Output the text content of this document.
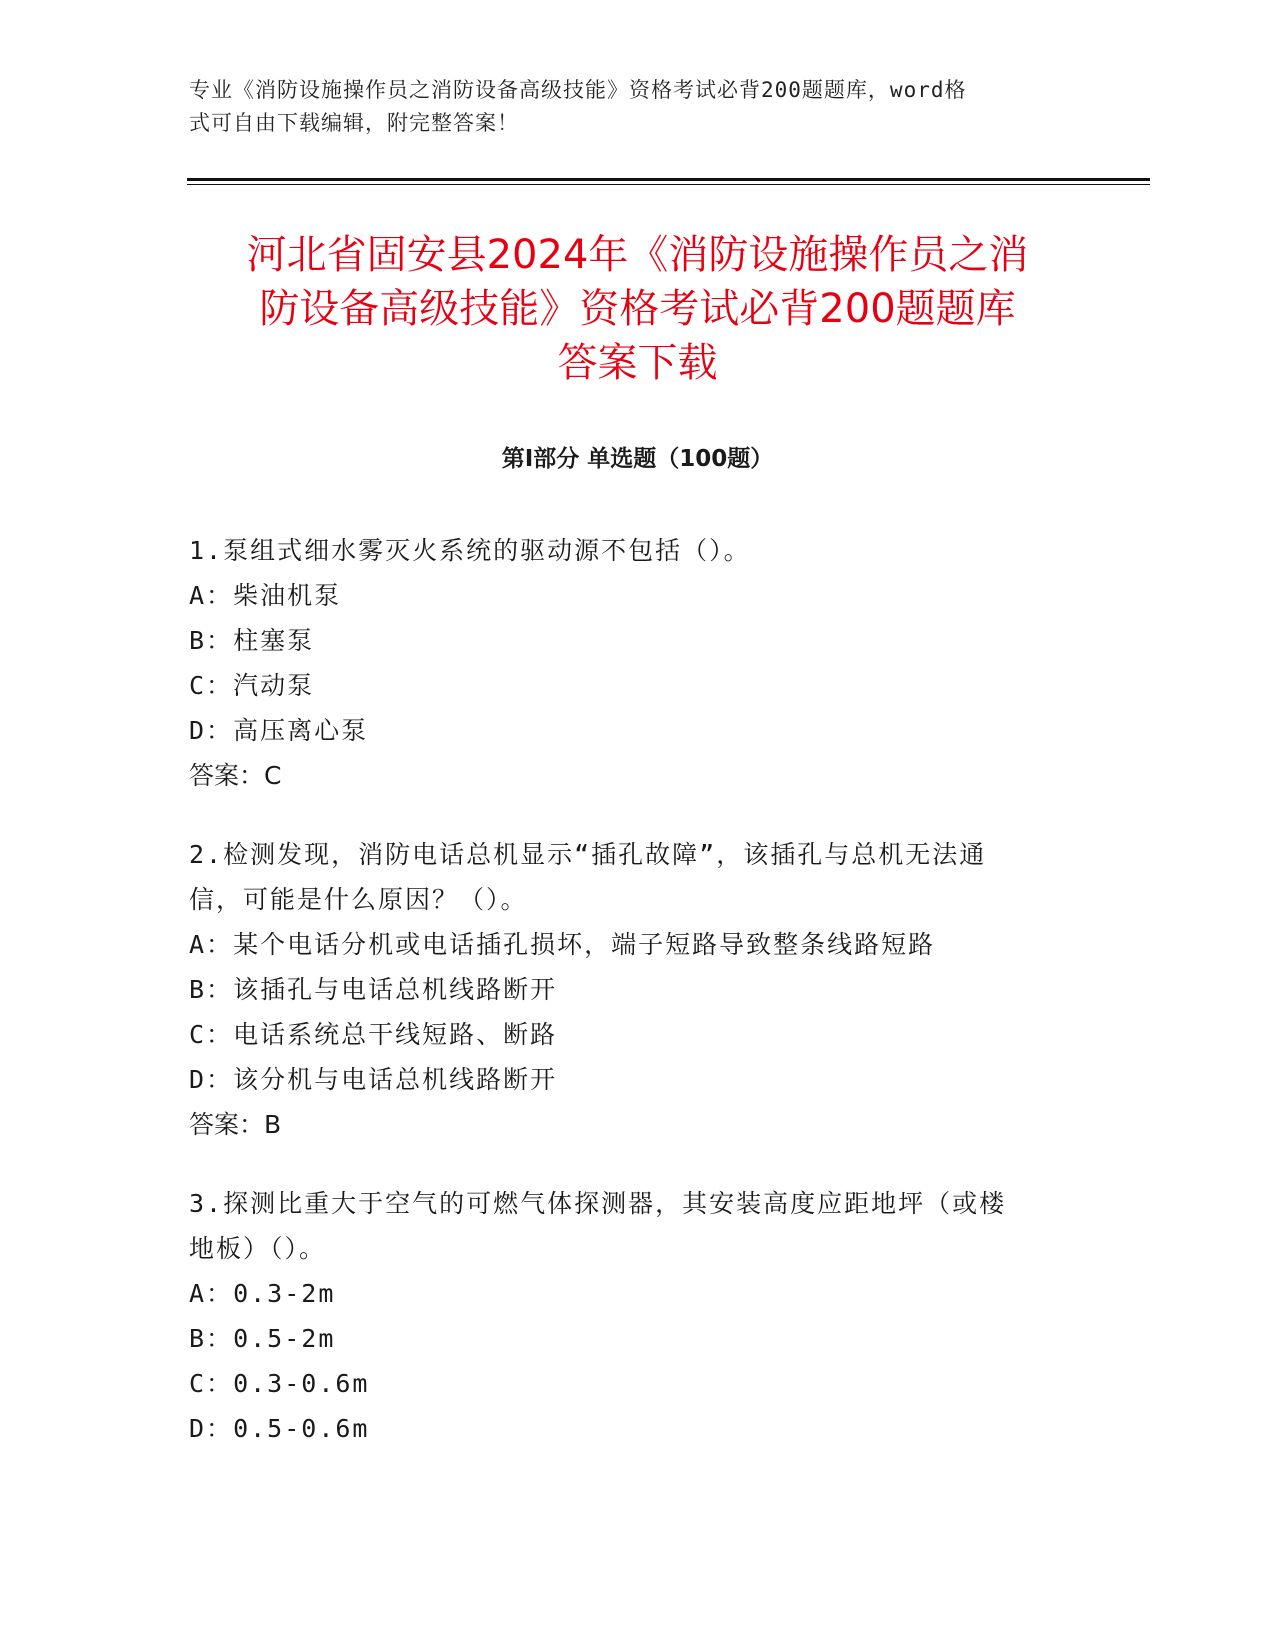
专业《消防设施操作员之消防设备高级技能》资格考试必背200题题库，word格
式可自由下载编辑，附完整答案！
河北省固安县2024年《消防设施操作员之消
防设备高级技能》资格考试必背200题题库
答案下载
第Ⅰ部分 单选题（100题）
1.泵组式细水雾灭火系统的驱动源不包括（）。
A：柴油机泵
B：柱塞泵
C：汽动泵
D：高压离心泵
答案：C
2.检测发现，消防电话总机显示“插孔故障”，该插孔与总机无法通
信，可能是什么原因？（）。
A：某个电话分机或电话插孔损坏，端子短路导致整条线路短路
B：该插孔与电话总机线路断开
C：电话系统总干线短路、断路
D：该分机与电话总机线路断开
答案：B
3.探测比重大于空气的可燃气体探测器，其安装高度应距地坪（或楼
地板）（）。
A：0.3-2m
B：0.5-2m
C：0.3-0.6m
D：0.5-0.6m
